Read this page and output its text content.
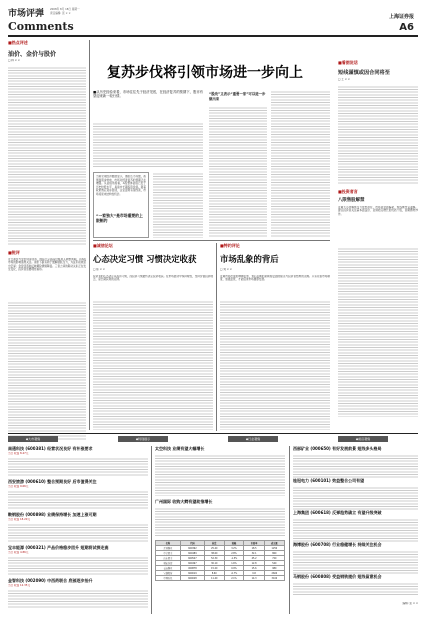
市场评弹 2008年 8月 18日 星期一
责任编辑: 张 × ×
Comments
上海证券报
A6
■热点评述
油价、金价与股价
□ 林 × ×
■锐评
近日油价与金价同步回落，国际大宗商品价格进入调整周期，对A股市场的影响值得关注。油价下跌有助于缓解通胀压力，为货币政策留出空间；金价回落则反映避险情绪降温。三者之间的联动关系正在发生变化，投资者需要理性看待。
复苏步伐将引领市场进一步向上
■从历史经验来看，市场往往先于经济见底，在经济复苏的预期下，股市有望迎来新一轮行情。
当前宏观经济数据显示，通胀压力趋缓，政策面逐步转向，市场对经济复苏的预期正在增强。从估值角度看，A股整体估值已处于历史较低水平，具备中长期投资价值。随着政策效应逐步显现，企业盈利有望改善，市场将迎来结构性机会。
“一家独大”是市场重要的上限制约
“股改”又表示“重要一家”可以进一步做出来
■看图说话
短线谨慎或因合同将至
□ 王 × ×
■投资者言
八限售股解禁
近期大小非解禁压力依然存在，市场资金面偏紧，短线操作宜谨慎。建议投资者关注基本面良好、业绩稳定增长的优质个股，回避题材炒作。
■诚信论坛
心态决定习惯 习惯决定收获
□ 陈 × ×
投资者的心态决定其投资习惯，而投资习惯最终决定投资收获。在市场波动中保持理性，坚持价值投资理念，是长期获利的关键。
■特约评论
市场乱象的背后
□ 刘 × ×
近期市场出现的种种乱象，背后反映的是制度层面的缺失与投资者结构的失衡。只有完善市场制度，加强监管，才能促进市场健康发展。
◆大市观察	◆特别提示	◆行业观察	◆前沿观察
南通科技 (600381) 经营状况良好 有补涨要求
当日 收盘 8.47元
西安旅游 (000610) 整合预期良好 后市值得关注
当日 收盘 9.66元
鞍钢股份 (000898) 业绩保持增长 加速上涨可期
当日 收盘 18.20元
宝丰能源 (000321) 产品价格稳步回升 短期将试探走高
当日 收盘 4.86元
金智科技 (002090) 中西药联合 底部逐步抬升
当日 收盘 12.35元
太空科技 业绩有望大幅增长
广州国际 收购大鳄有望助推增长
名称	代码	收盘	涨幅	市盈率	成交量
江西铜业	600362	25.40	3.2%	18.5	1250
中金黄金	600489	38.60	2.8%	32.1	860
山东黄金	600547	52.30	-1.5%	45.2	720
驰宏锌锗	600497	30.10	1.6%	12.8	540
云南铜业	000878	15.20	0.9%	15.6	980
宝钢股份	600019	8.60	-0.7%	9.8	2600
中国石化	600028	11.40	2.1%	14.3	3100
西部矿业 (000650) 有好发展前景 短线多头格局
桂冠电力 (600101) 效益整合公司有望
上海集团 (600618) 反弹趋势确立 有望升级突破
海博股份 (600708) 行业稳健增长 持续关注机会
马钢股份 (600808) 受益钢铁提价 短线留意机会
编辑: 张 × ×
